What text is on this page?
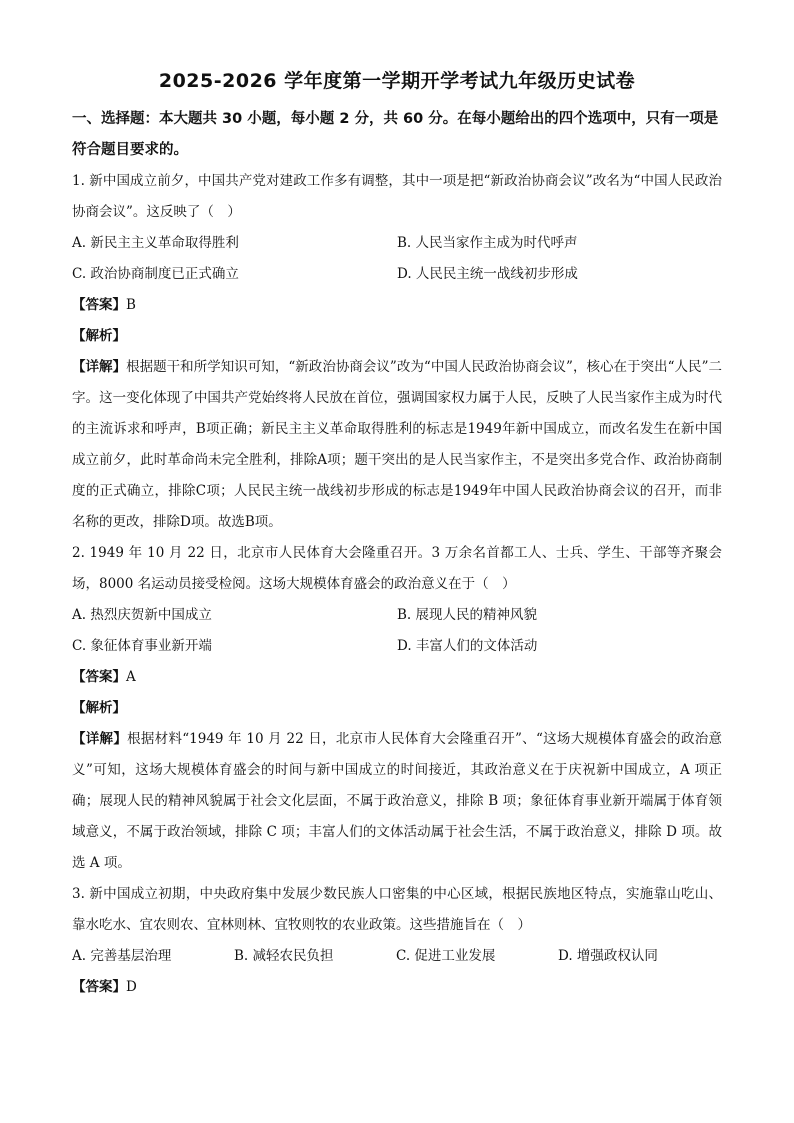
2025-2026 学年度第一学期开学考试九年级历史试卷
一、选择题：本大题共 30 小题，每小题 2 分，共 60 分。在每小题给出的四个选项中，只有一项是符合题目要求的。
1. 新中国成立前夕，中国共产党对建政工作多有调整，其中一项是把“新政治协商会议”改名为“中国人民政治协商会议”。这反映了（　）
A. 新民主主义革命取得胜利	B. 人民当家作主成为时代呼声
C. 政治协商制度已正式确立	D. 人民民主统一战线初步形成
【答案】B
【解析】
【详解】根据题干和所学知识可知，“新政治协商会议”改为“中国人民政治协商会议”，核心在于突出“人民”二字。这一变化体现了中国共产党始终将人民放在首位，强调国家权力属于人民，反映了人民当家作主成为时代的主流诉求和呼声，B项正确；新民主主义革命取得胜利的标志是1949年新中国成立，而改名发生在新中国成立前夕，此时革命尚未完全胜利，排除A项；题干突出的是人民当家作主，不是突出多党合作、政治协商制度的正式确立，排除C项；人民民主统一战线初步形成的标志是1949年中国人民政治协商会议的召开，而非名称的更改，排除D项。故选B项。
2. 1949 年 10 月 22 日，北京市人民体育大会隆重召开。3 万余名首都工人、士兵、学生、干部等齐聚会场，8000 名运动员接受检阅。这场大规模体育盛会的政治意义在于（　）
A. 热烈庆贺新中国成立	B. 展现人民的精神风貌
C. 象征体育事业新开端	D. 丰富人们的文体活动
【答案】A
【解析】
【详解】根据材料“1949 年 10 月 22 日，北京市人民体育大会隆重召开”、“这场大规模体育盛会的政治意义”可知，这场大规模体育盛会的时间与新中国成立的时间接近，其政治意义在于庆祝新中国成立，A 项正确；展现人民的精神风貌属于社会文化层面，不属于政治意义，排除 B 项；象征体育事业新开端属于体育领域意义，不属于政治领域，排除 C 项；丰富人们的文体活动属于社会生活，不属于政治意义，排除 D 项。故选 A 项。
3. 新中国成立初期，中央政府集中发展少数民族人口密集的中心区域，根据民族地区特点，实施靠山吃山、靠水吃水、宜农则农、宜林则林、宜牧则牧的农业政策。这些措施旨在（　）
A. 完善基层治理	B. 减轻农民负担	C. 促进工业发展	D. 增强政权认同
【答案】D
